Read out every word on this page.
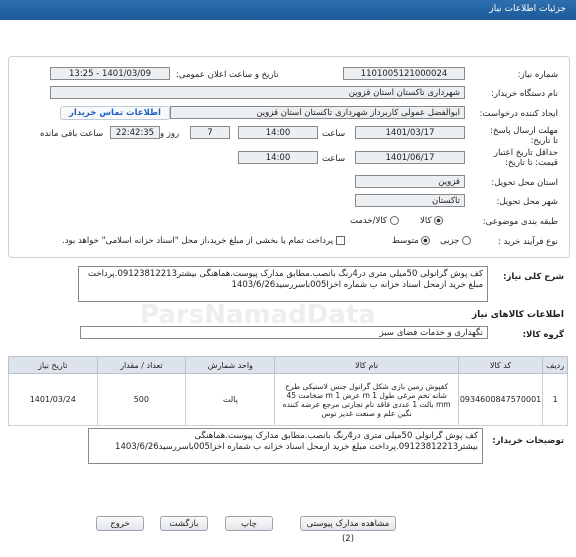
جزئیات اطلاعات نیاز
ParsNamadData
شماره نیاز:
1101005121000024
تاریخ و ساعت اعلان عمومی:
1401/03/09 - 13:25
نام دستگاه خریدار:
شهرداری تاکستان استان قزوین
ایجاد کننده درخواست:
ابوالفضل عمولی کاربرداز شهرداری تاکستان استان قزوین
اطلاعات تماس خریدار
مهلت ارسال پاسخ: تا تاریخ:
1401/03/17
ساعت
14:00
7
روز و
22:42:35
ساعت باقی مانده
حداقل تاریخ اعتبار قیمت: تا تاریخ:
1401/06/17
ساعت
14:00
استان محل تحویل:
قزوین
شهر محل تحویل:
تاکستان
طبقه بندی موضوعی:
کالا
کالا/خدمت
نوع فرآیند خرید :
جزیی
متوسط
پرداخت تمام یا بخشی از مبلغ خرید،از محل "اسناد خزانه اسلامی" خواهد بود.
شرح کلی نیاز:
کف پوش گرانولی 50میلی متری در4رنگ بانصب.مطابق مدارک پیوست.هماهنگی بیشتر09123812213.پرداخت مبلغ خرید ازمحل اسناد خزانه ب شماره اخزا005باسررسید1403/6/26
اطلاعات کالاهای نیاز
گروه کالا:
نگهداری و خدمات فضای سبز
ردیف	کد کالا	نام کالا	واحد شمارش	تعداد / مقدار	تاریخ نیاز
1	0934600847570001	کفپوش زمین بازی شکل گرانول جنس لاستیکی طرح شانه تخم مرغی طول m 1 عرض m 1 ضخامت 45 mm بالت 1 عددی فاقد نام تجارتی مرجع عرضه کننده نگین علم و صنعت غدیر توس	پالت	500	1401/03/24
توضیحات خریدار:
کف پوش گرانولی 50میلی متری در4رنگ بانصب.مطابق مدارک پیوست.هماهنگی بیشتر09123812213.پرداخت مبلغ خرید ازمحل اسناد خزانه ب شماره اخزا005باسررسید1403/6/26
مشاهده مدارک پیوستی (2)
چاپ
بازگشت
خروج
